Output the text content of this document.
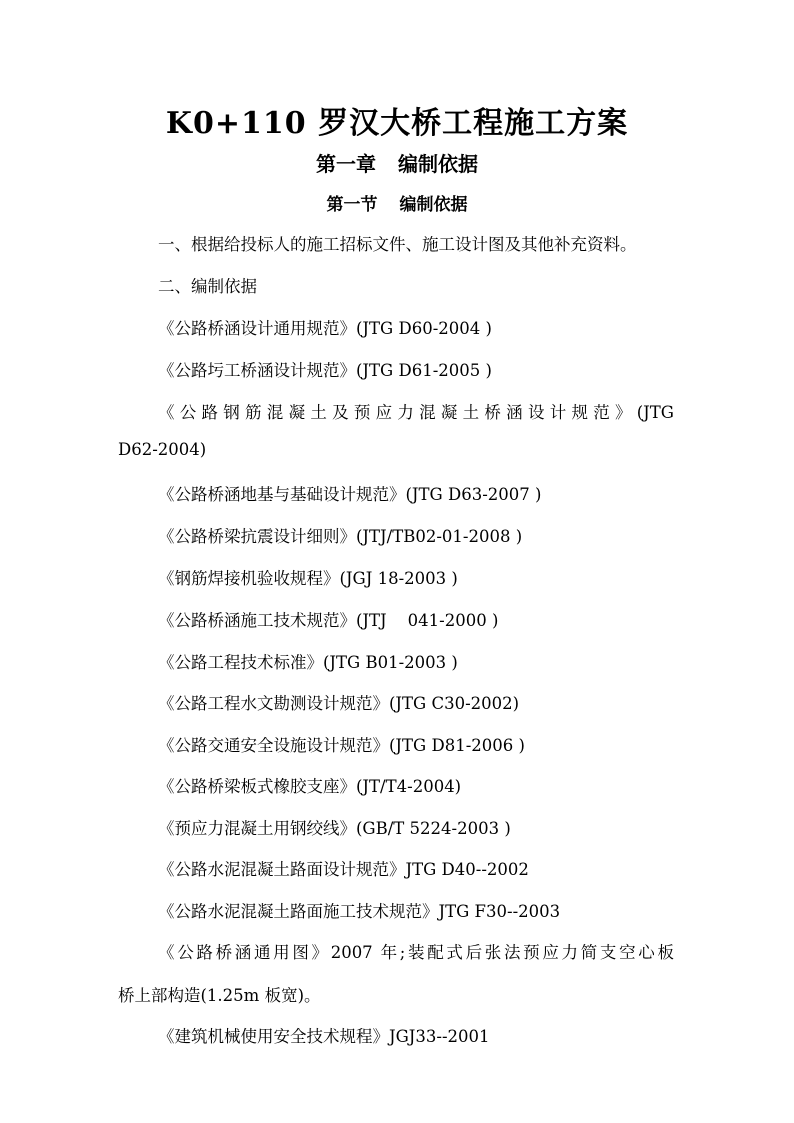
K0+110 罗汉大桥工程施工方案
第一章 编制依据
第一节 编制依据
一、根据给投标人的施工招标文件、施工设计图及其他补充资料。
二、编制依据
《公路桥涵设计通用规范》(JTG D60-2004 )
《公路圬工桥涵设计规范》(JTG D61-2005 )
《公路钢筋混凝土及预应力混凝土桥涵设计规范》(JTG
D62-2004)
《公路桥涵地基与基础设计规范》(JTG D63-2007 )
《公路桥梁抗震设计细则》(JTJ/TB02-01-2008 )
《钢筋焊接机验收规程》(JGJ 18-2003 )
《公路桥涵施工技术规范》(JTJ    041-2000 )
《公路工程技术标准》(JTG B01-2003 )
《公路工程水文勘测设计规范》(JTG C30-2002)
《公路交通安全设施设计规范》(JTG D81-2006 )
《公路桥梁板式橡胶支座》(JT/T4-2004)
《预应力混凝土用钢绞线》(GB/T 5224-2003 )
《公路水泥混凝土路面设计规范》JTG D40--2002
《公路水泥混凝土路面施工技术规范》JTG F30--2003
《公路桥涵通用图》2007 年;装配式后张法预应力简支空心板
桥上部构造(1.25m 板宽)。
《建筑机械使用安全技术规程》JGJ33--2001
